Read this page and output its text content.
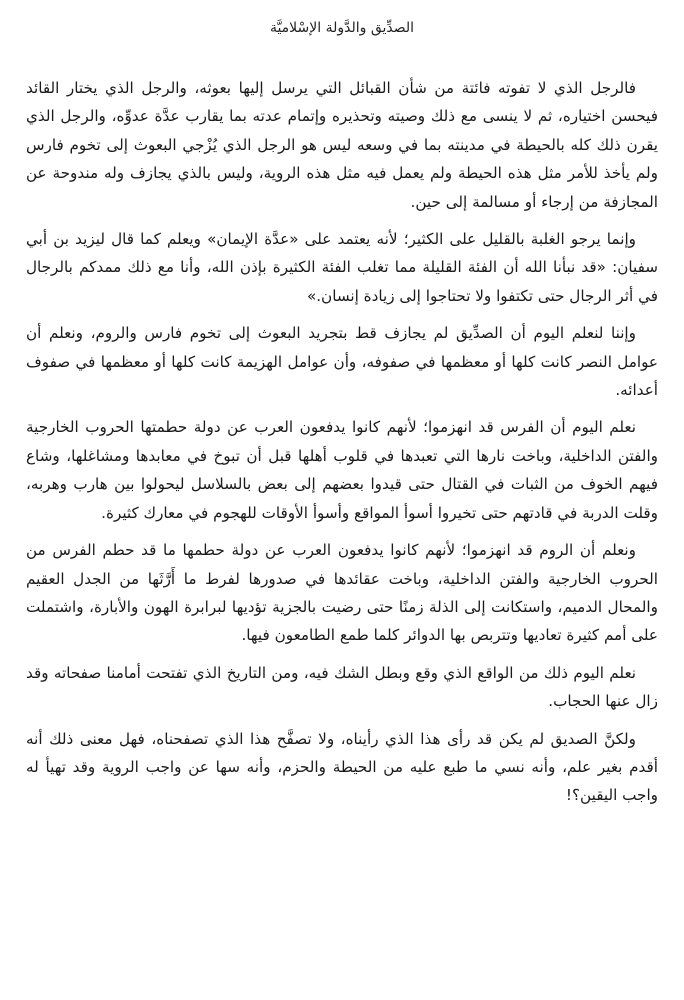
الصدِّيق والدَّولة الإسْلاميَّة

فالرجل الذي لا تفوته فائتة من شأن القبائل التي يرسل إليها بعوثه، والرجل الذي يختار القائد فيحسن اختياره، ثم لا ينسى مع ذلك وصيته وتحذيره وإتمام عدته بما يقارب عدَّة عدوِّه، والرجل الذي يقرن ذلك كله بالحيطة في مدينته بما في وسعه ليس هو الرجل الذي يُزْجي البعوث إلى تخوم فارس ولم يأخذ للأمر مثل هذه الحيطة ولم يعمل فيه مثل هذه الروية، وليس بالذي يجازف وله مندوحة عن المجازفة من إرجاء أو مسالمة إلى حين.

وإنما يرجو الغلبة بالقليل على الكثير؛ لأنه يعتمد على «عدَّة الإيمان» ويعلم كما قال ليزيد بن أبي سفيان: «قد نبأنا الله أن الفئة القليلة مما تغلب الفئة الكثيرة بإذن الله، وأنا مع ذلك ممدكم بالرجال في أثر الرجال حتى تكتفوا ولا تحتاجوا إلى زيادة إنسان.»

وإننا لنعلم اليوم أن الصدِّيق لم يجازف قط بتجريد البعوث إلى تخوم فارس والروم، ونعلم أن عوامل النصر كانت كلها أو معظمها في صفوفه، وأن عوامل الهزيمة كانت كلها أو معظمها في صفوف أعدائه.

نعلم اليوم أن الفرس قد انهزموا؛ لأنهم كانوا يدفعون العرب عن دولة حطمتها الحروب الخارجية والفتن الداخلية، وباخت نارها التي تعبدها في قلوب أهلها قبل أن تبوخ في معابدها ومشاغلها، وشاع فيهم الخوف من الثبات في القتال حتى قيدوا بعضهم إلى بعض بالسلاسل ليحولوا بين هارب وهربه، وقلت الدربة في قادتهم حتى تخيروا أسوأ المواقع وأسوأ الأوقات للهجوم في معارك كثيرة.

ونعلم أن الروم قد انهزموا؛ لأنهم كانوا يدفعون العرب عن دولة حطمها ما قد حطم الفرس من الحروب الخارجية والفتن الداخلية، وباخت عقائدها في صدورها لفرط ما أَرَّثَها من الجدل العقيم والمحال الدميم، واستكانت إلى الذلة زمنًا حتى رضيت بالجزية تؤديها لبرابرة الهون والأبارة، واشتملت على أمم كثيرة تعاديها وتتربص بها الدوائر كلما طمع الطامعون فيها.

نعلم اليوم ذلك من الواقع الذي وقع وبطل الشك فيه، ومن التاريخ الذي تفتحت أمامنا صفحاته وقد زال عنها الحجاب.

ولكنَّ الصديق لم يكن قد رأى هذا الذي رأيناه، ولا تصفَّح هذا الذي تصفحناه، فهل معنى ذلك أنه أقدم بغير علم، وأنه نسي ما طبع عليه من الحيطة والحزم، وأنه سها عن واجب الروية وقد تهيأ له واجب اليقين؟!
